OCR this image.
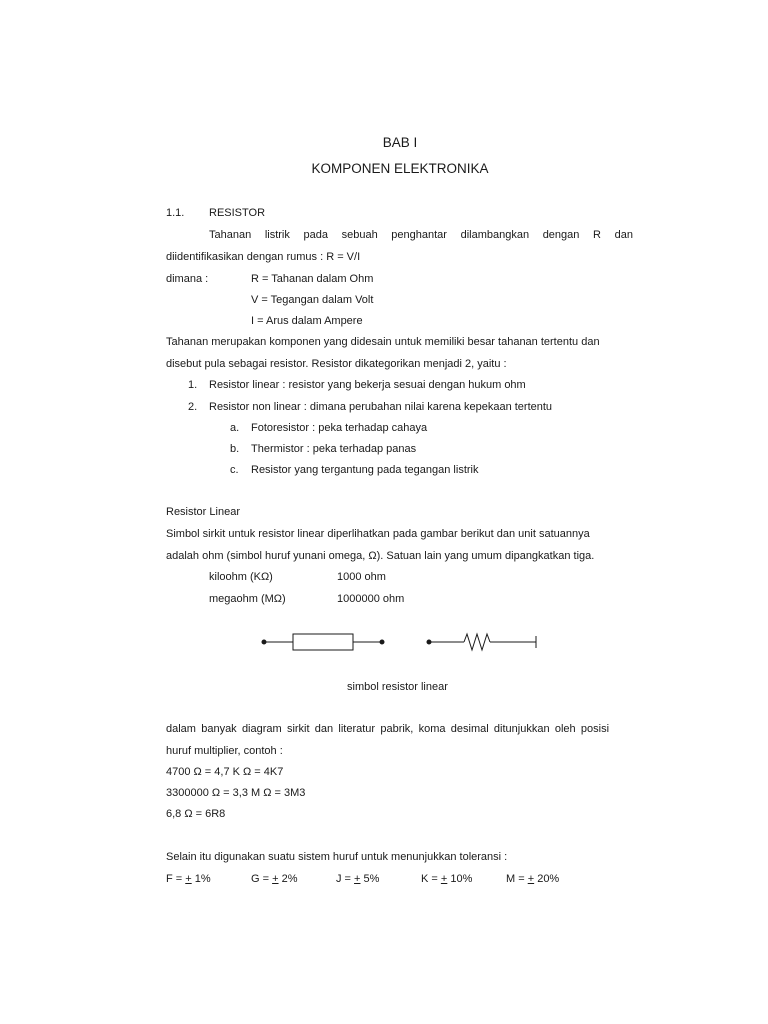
BAB I
KOMPONEN ELEKTRONIKA
1.1. RESISTOR
Tahanan listrik pada sebuah penghantar dilambangkan dengan R dan
diidentifikasikan dengan rumus : R = V/I
dimana :	R = Tahanan dalam Ohm
V = Tegangan dalam Volt
I = Arus dalam Ampere
Tahanan merupakan komponen yang didesain untuk memiliki besar tahanan tertentu dan
disebut pula sebagai resistor. Resistor dikategorikan menjadi 2, yaitu :
1. Resistor linear : resistor yang bekerja sesuai dengan hukum ohm
2. Resistor non linear : dimana perubahan nilai karena kepekaan tertentu
a. Fotoresistor : peka terhadap cahaya
b. Thermistor : peka terhadap panas
c. Resistor yang tergantung pada tegangan listrik
Resistor Linear
Simbol sirkit untuk resistor linear diperlihatkan pada gambar berikut dan unit satuannya
adalah ohm (simbol huruf yunani omega, Ω). Satuan lain yang umum dipangkatkan tiga.
kiloohm (KΩ)	1000 ohm
megaohm (MΩ)	1000000 ohm
simbol resistor linear
dalam banyak diagram sirkit dan literatur pabrik, koma desimal ditunjukkan oleh posisi
huruf multiplier, contoh :
4700 Ω = 4,7 K Ω = 4K7
3300000 Ω = 3,3 M Ω = 3M3
6,8 Ω = 6R8
Selain itu digunakan suatu sistem huruf untuk menunjukkan toleransi :
F = + 1%	G = + 2%	J = + 5%	K = + 10%	M = + 20%
